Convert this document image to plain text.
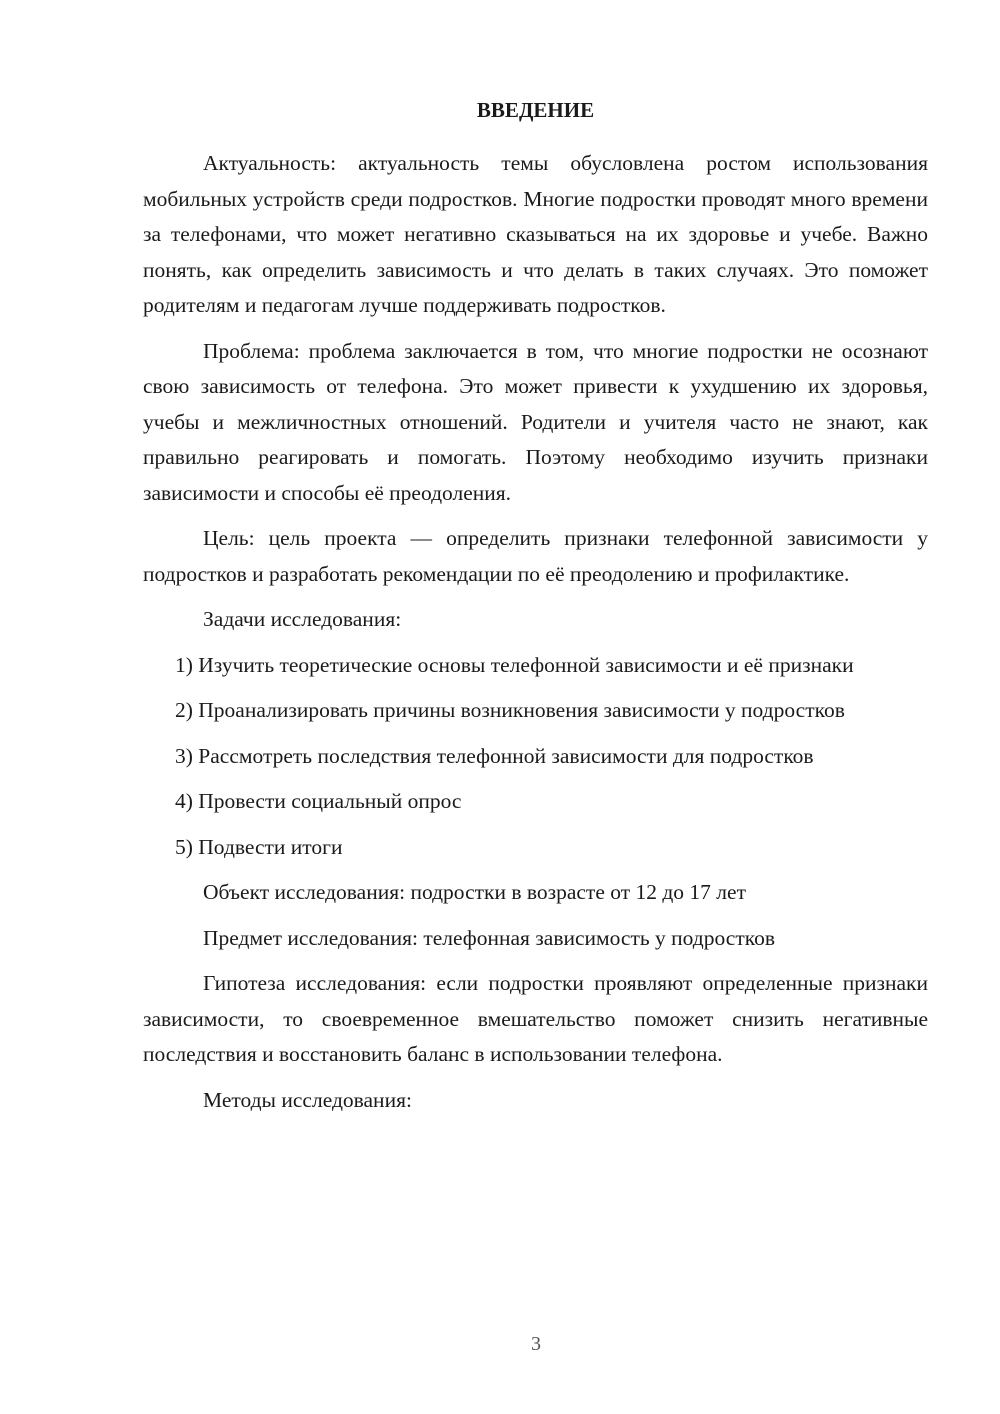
ВВЕДЕНИЕ

Актуальность: актуальность темы обусловлена ростом использования мобильных устройств среди подростков. Многие подростки проводят много времени за телефонами, что может негативно сказываться на их здоровье и учебе. Важно понять, как определить зависимость и что делать в таких случаях. Это поможет родителям и педагогам лучше поддерживать подростков.

Проблема: проблема заключается в том, что многие подростки не осознают свою зависимость от телефона. Это может привести к ухудшению их здоровья, учебы и межличностных отношений. Родители и учителя часто не знают, как правильно реагировать и помогать. Поэтому необходимо изучить признаки зависимости и способы её преодоления.

Цель: цель проекта — определить признаки телефонной зависимости у подростков и разработать рекомендации по её преодолению и профилактике.

Задачи исследования:

1) Изучить теоретические основы телефонной зависимости и её признаки

2) Проанализировать причины возникновения зависимости у подростков

3) Рассмотреть последствия телефонной зависимости для подростков

4) Провести социальный опрос

5) Подвести итоги

Объект исследования: подростки в возрасте от 12 до 17 лет

Предмет исследования: телефонная зависимость у подростков

Гипотеза исследования: если подростки проявляют определенные признаки зависимости, то своевременное вмешательство поможет снизить негативные последствия и восстановить баланс в использовании телефона.

Методы исследования:

3
